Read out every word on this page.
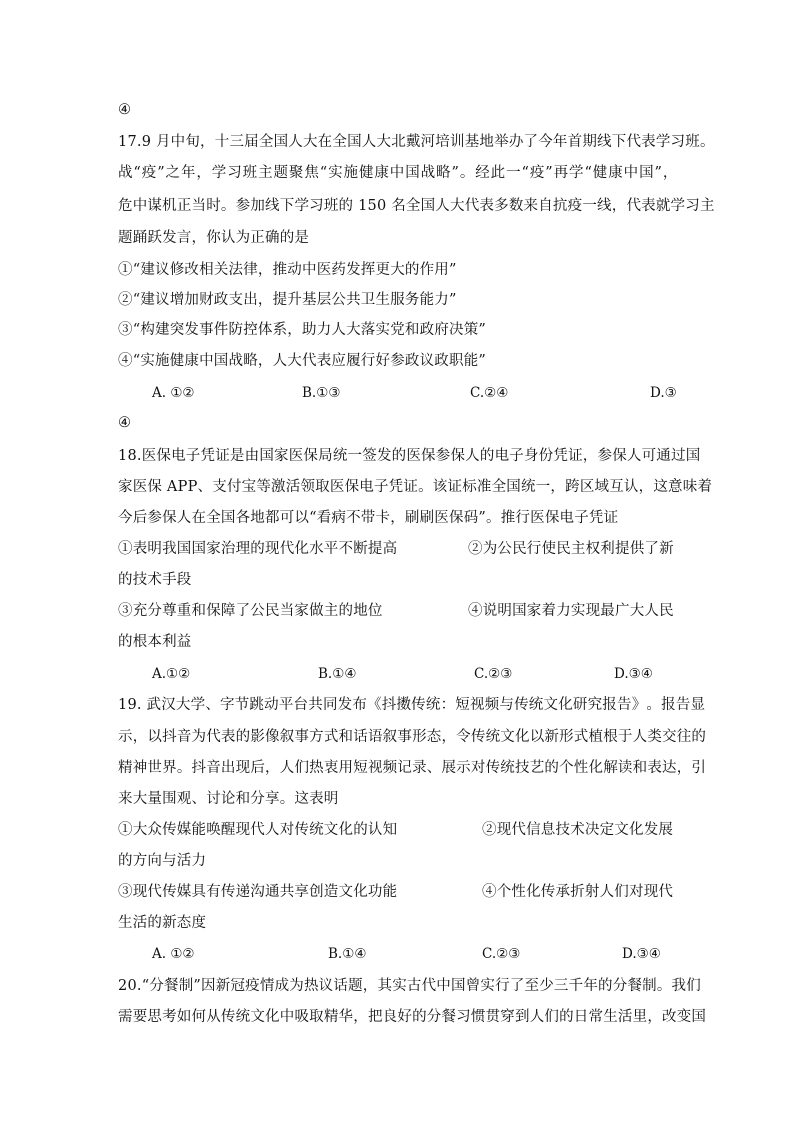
④
1 7 . 9
月 中 旬 ， 十 三 届 全 国 人 大 在 全 国 人 大 北 戴 河 培 训 基 地 举 办 了 今 年 首 期 线 下 代 表 学 习 班 。
战 “ 疫 ” 之 年 ， 学 习 班 主 题 聚 焦 “ 实 施 健 康 中 国 战 略 ” 。 经 此 一 “ 疫 ” 再 学 “ 健 康 中 国 ” ，
危 中 谋 机 正 当 时 。 参 加 线 下 学 习 班 的
1 5 0
名 全 国 人 大 代 表 多 数 来 自 抗 疫 一 线 ， 代 表 就 学 习 主
题踊跃发言，你认为正确的是
①“建议修改相关法律，推动中医药发挥更大的作用”
②“建议增加财政支出，提升基层公共卫生服务能力”
③“构建突发事件防控体系，助力人大落实党和政府决策”
④“实施健康中国战略，人大代表应履行好参政议政职能”
A. ①②	B.①③	C.②④	D.③
④
1 8 . 医 保 电 子 凭 证 是 由 国 家 医 保 局 统 一 签 发 的 医 保 参 保 人 的 电 子 身 份 凭 证 ， 参 保 人 可 通 过 国
家 医 保
A P P 、 支 付 宝 等 激 活 领 取 医 保 电 子 凭 证 。 该 证 标 准 全 国 统 一 ， 跨 区 域 互 认 ， 这 意 味 着
今后参保人在全国各地都可以“看病不带卡，刷刷医保码”。推行医保电子凭证
①表明我国国家治理的现代化水平不断提高	②为公民行使民主权利提供了新
的技术手段
③充分尊重和保障了公民当家做主的地位	④说明国家着力实现最广大人民
的根本利益
A.①②	B.①④	C.②③	D.③④
1 9 .
武 汉 大 学 、 字 节 跳 动 平 台 共 同 发 布 《 抖 擞 传 统 ： 短 视 频 与 传 统 文 化 研 究 报 告 》 。 报 告 显
示 ， 以 抖 音 为 代 表 的 影 像 叙 事 方 式 和 话 语 叙 事 形 态 ， 令 传 统 文 化 以 新 形 式 植 根 于 人 类 交 往 的
精 神 世 界 。 抖 音 出 现 后 ， 人 们 热 衷 用 短 视 频 记 录 、 展 示 对 传 统 技 艺 的 个 性 化 解 读 和 表 达 ， 引
来大量围观、讨论和分享。这表明
①大众传媒能唤醒现代人对传统文化的认知	②现代信息技术决定文化发展
的方向与活力
③现代传媒具有传递沟通共享创造文化功能	④个性化传承折射人们对现代
生活的新态度
A. ①②	B.①④	C.②③	D.③④
2 0 . “ 分 餐 制 ” 因 新 冠 疫 情 成 为 热 议 话 题 ， 其 实 古 代 中 国 曾 实 行 了 至 少 三 千 年 的 分 餐 制 。 我 们
需 要 思 考 如 何 从 传 统 文 化 中 吸 取 精 华 ， 把 良 好 的 分 餐 习 惯 贯 穿 到 人 们 的 日 常 生 活 里 ， 改 变 国
